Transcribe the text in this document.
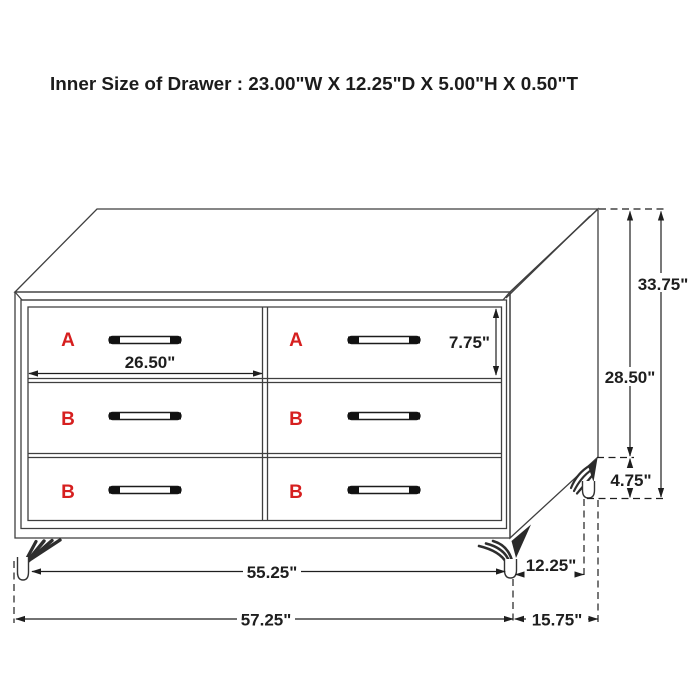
Inner Size of Drawer : 23.00"W X 12.25"D X 5.00"H X 0.50"T
A	A
B	B
B	B
26.50"
7.75"
28.50"
33.75"
4.75"
55.25"
57.25"
12.25"
15.75"
